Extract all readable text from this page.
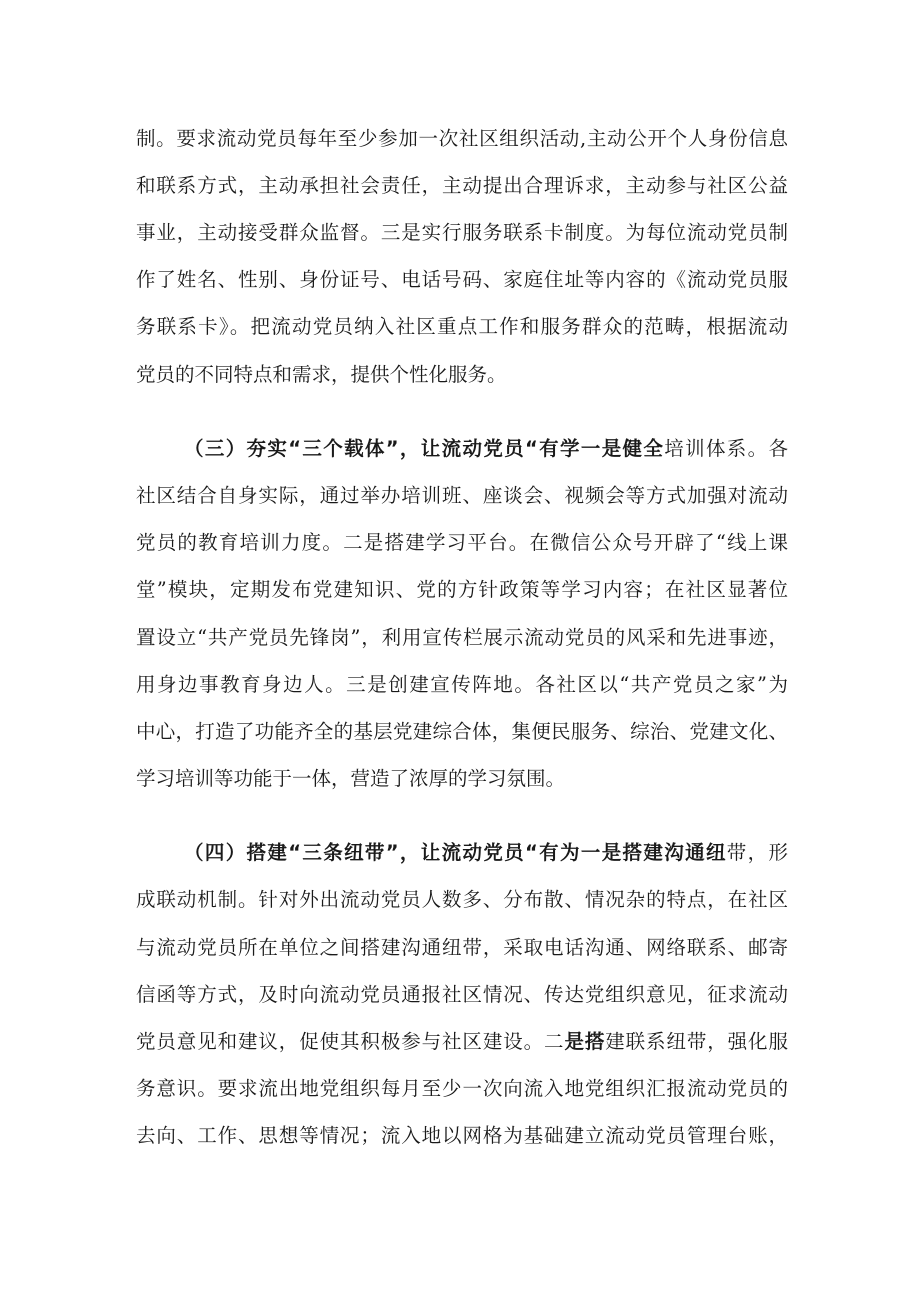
制。要求流动党员每年至少参加一次社区组织活动,主动公开个人身份信息
和联系方式，主动承担社会责任，主动提出合理诉求，主动参与社区公益
事业，主动接受群众监督。三是实行服务联系卡制度。为每位流动党员制
作了姓名、性别、身份证号、电话号码、家庭住址等内容的《流动党员服
务联系卡》。把流动党员纳入社区重点工作和服务群众的范畴，根据流动
党员的不同特点和需求，提供个性化服务。
（三）夯实“三个载体”，让流动党员“有学一是健全培训体系。各
社区结合自身实际，通过举办培训班、座谈会、视频会等方式加强对流动
党员的教育培训力度。二是搭建学习平台。在微信公众号开辟了“线上课
堂”模块，定期发布党建知识、党的方针政策等学习内容；在社区显著位
置设立“共产党员先锋岗”，利用宣传栏展示流动党员的风采和先进事迹，
用身边事教育身边人。三是创建宣传阵地。各社区以“共产党员之家”为
中心，打造了功能齐全的基层党建综合体，集便民服务、综治、党建文化、
学习培训等功能于一体，营造了浓厚的学习氛围。
（四）搭建“三条纽带”，让流动党员“有为一是搭建沟通纽带，形
成联动机制。针对外出流动党员人数多、分布散、情况杂的特点，在社区
与流动党员所在单位之间搭建沟通纽带，采取电话沟通、网络联系、邮寄
信函等方式，及时向流动党员通报社区情况、传达党组织意见，征求流动
党员意见和建议，促使其积极参与社区建设。二是搭建联系纽带，强化服
务意识。要求流出地党组织每月至少一次向流入地党组织汇报流动党员的
去向、工作、思想等情况；流入地以网格为基础建立流动党员管理台账，
